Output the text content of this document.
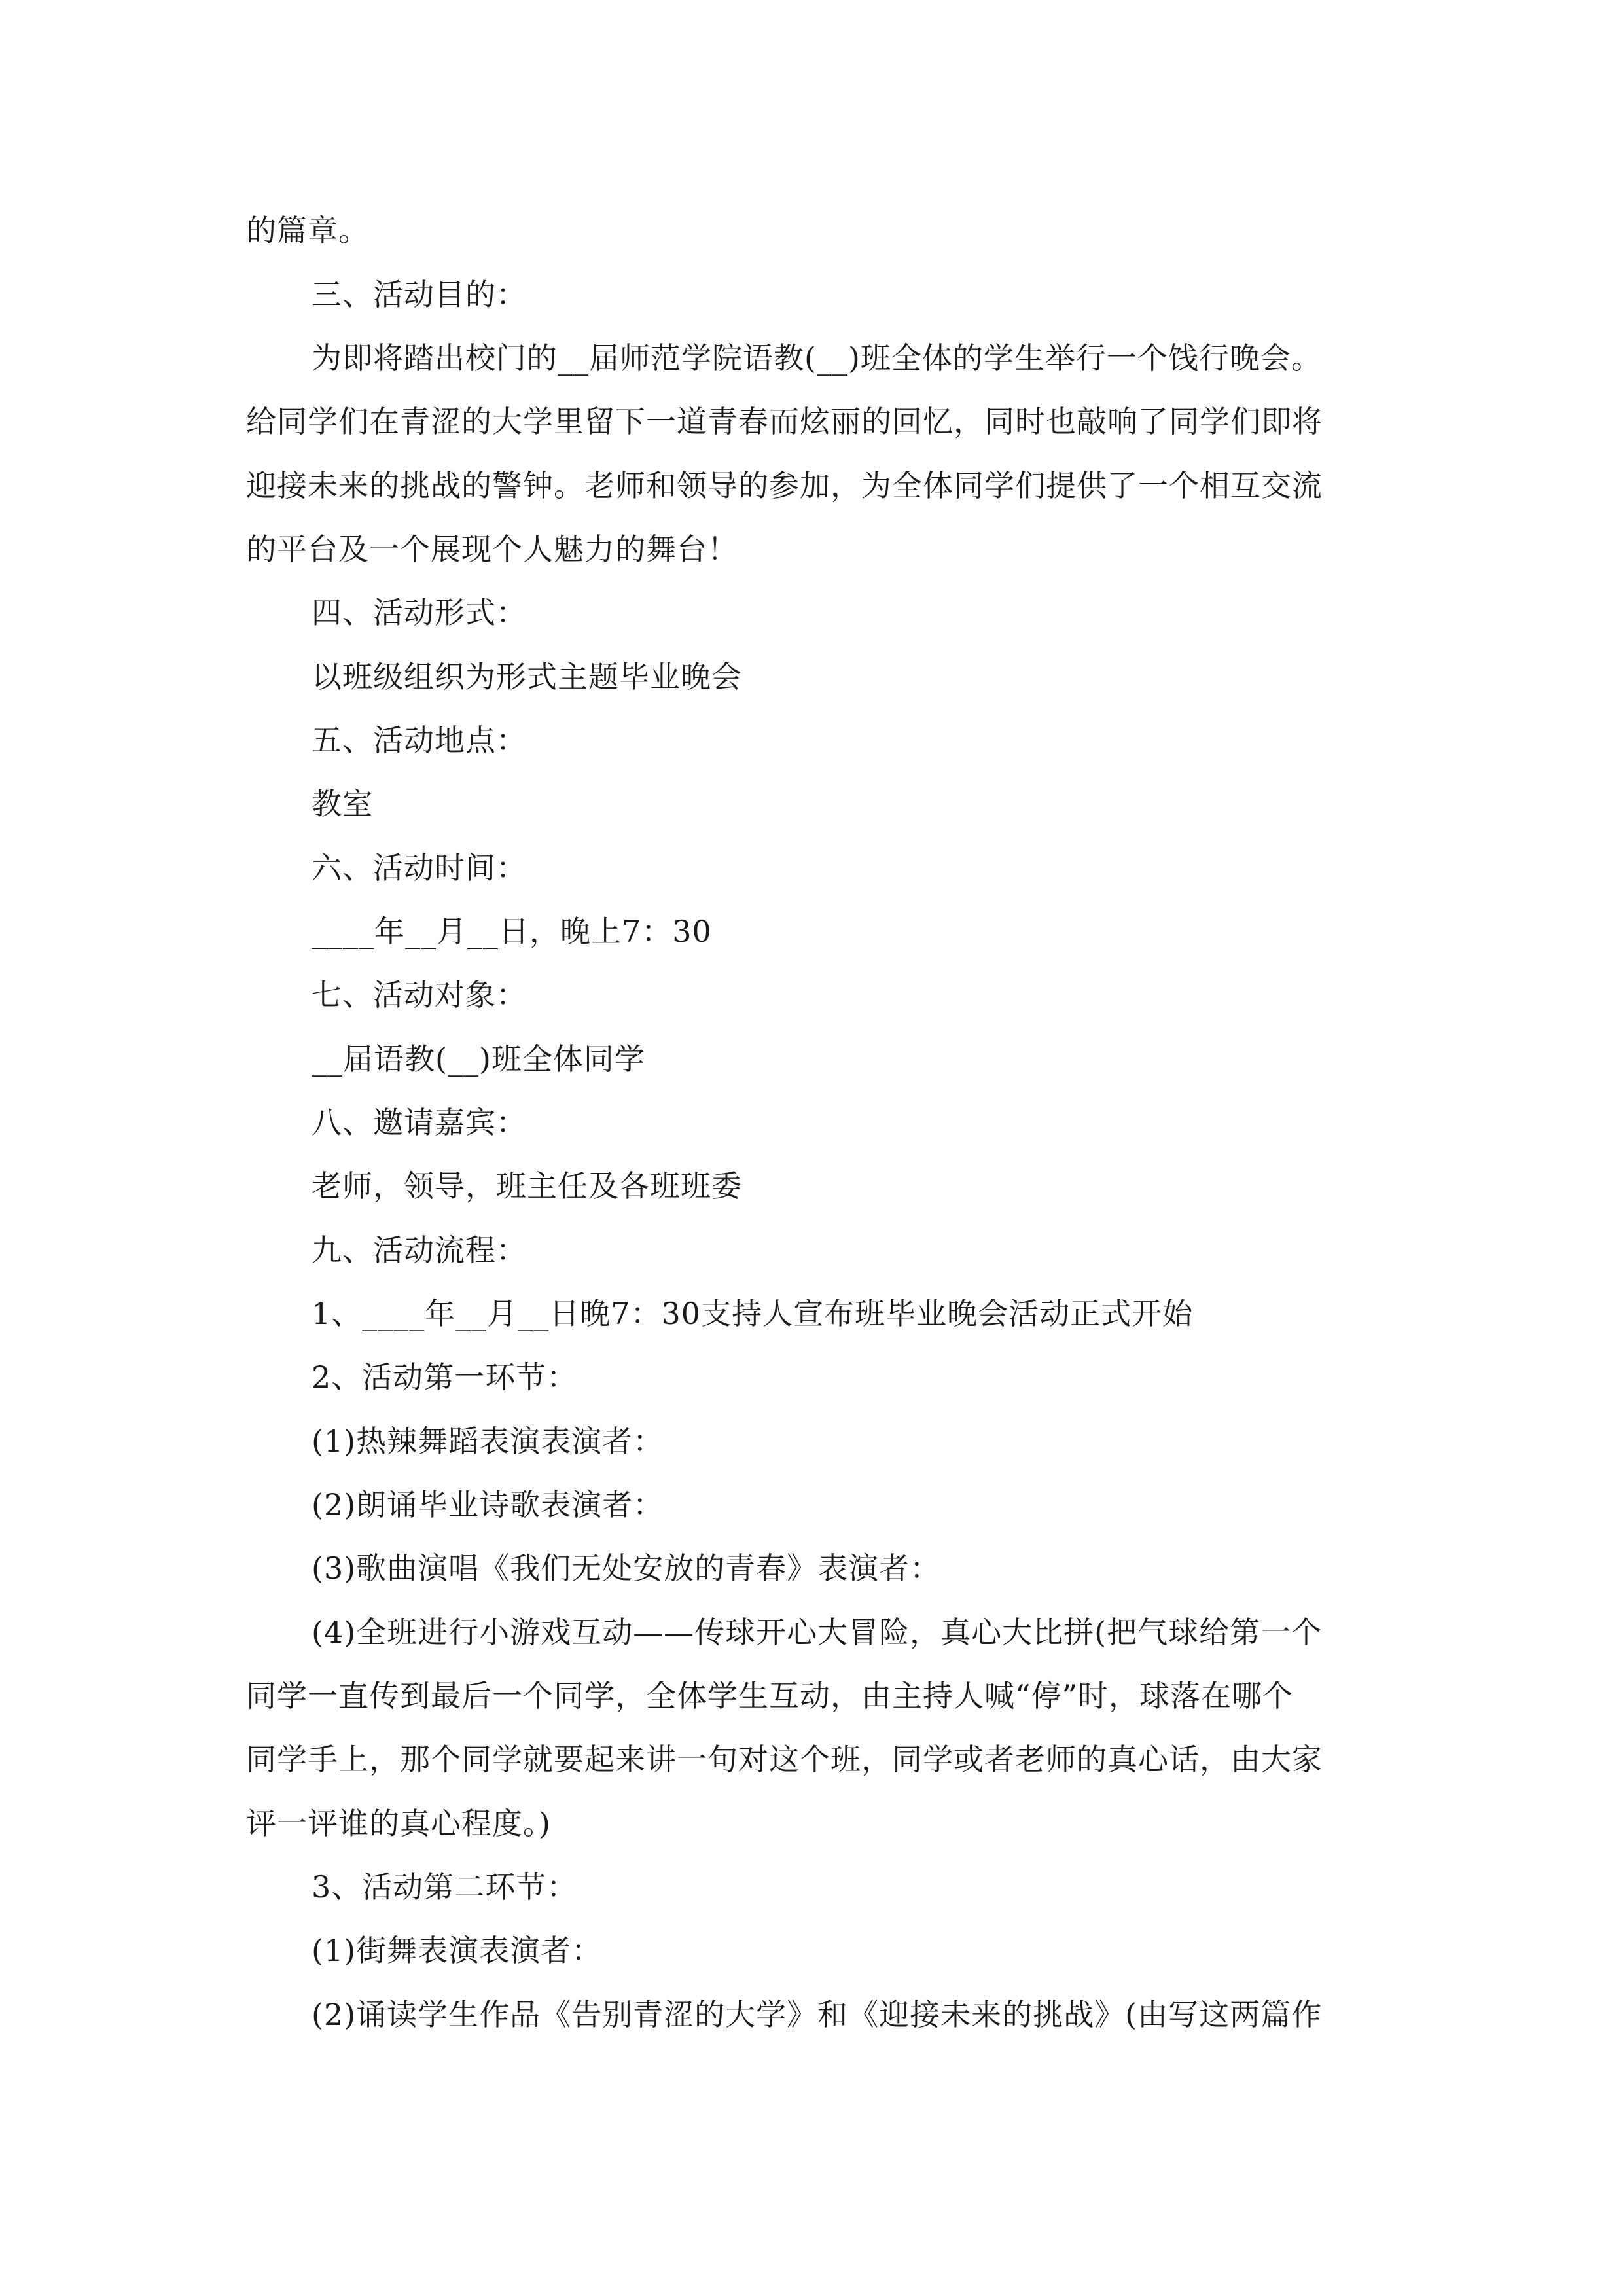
的篇章。
三、活动目的：
为即将踏出校门的__届师范学院语教(__)班全体的学生举行一个饯行晚会。
给同学们在青涩的大学里留下一道青春而炫丽的回忆，同时也敲响了同学们即将
迎接未来的挑战的警钟。老师和领导的参加，为全体同学们提供了一个相互交流
的平台及一个展现个人魅力的舞台！
四、活动形式：
以班级组织为形式主题毕业晚会
五、活动地点：
教室
六、活动时间：
____年__月__日，晚上7：30
七、活动对象：
__届语教(__)班全体同学
八、邀请嘉宾：
老师，领导，班主任及各班班委
九、活动流程：
1、____年__月__日晚7：30支持人宣布班毕业晚会活动正式开始
2、活动第一环节：
(1)热辣舞蹈表演表演者：
(2)朗诵毕业诗歌表演者：
(3)歌曲演唱《我们无处安放的青春》表演者：
(4)全班进行小游戏互动——传球开心大冒险，真心大比拼(把气球给第一个
同学一直传到最后一个同学，全体学生互动，由主持人喊“停”时，球落在哪个
同学手上，那个同学就要起来讲一句对这个班，同学或者老师的真心话，由大家
评一评谁的真心程度。)
3、活动第二环节：
(1)街舞表演表演者：
(2)诵读学生作品《告别青涩的大学》和《迎接未来的挑战》(由写这两篇作
